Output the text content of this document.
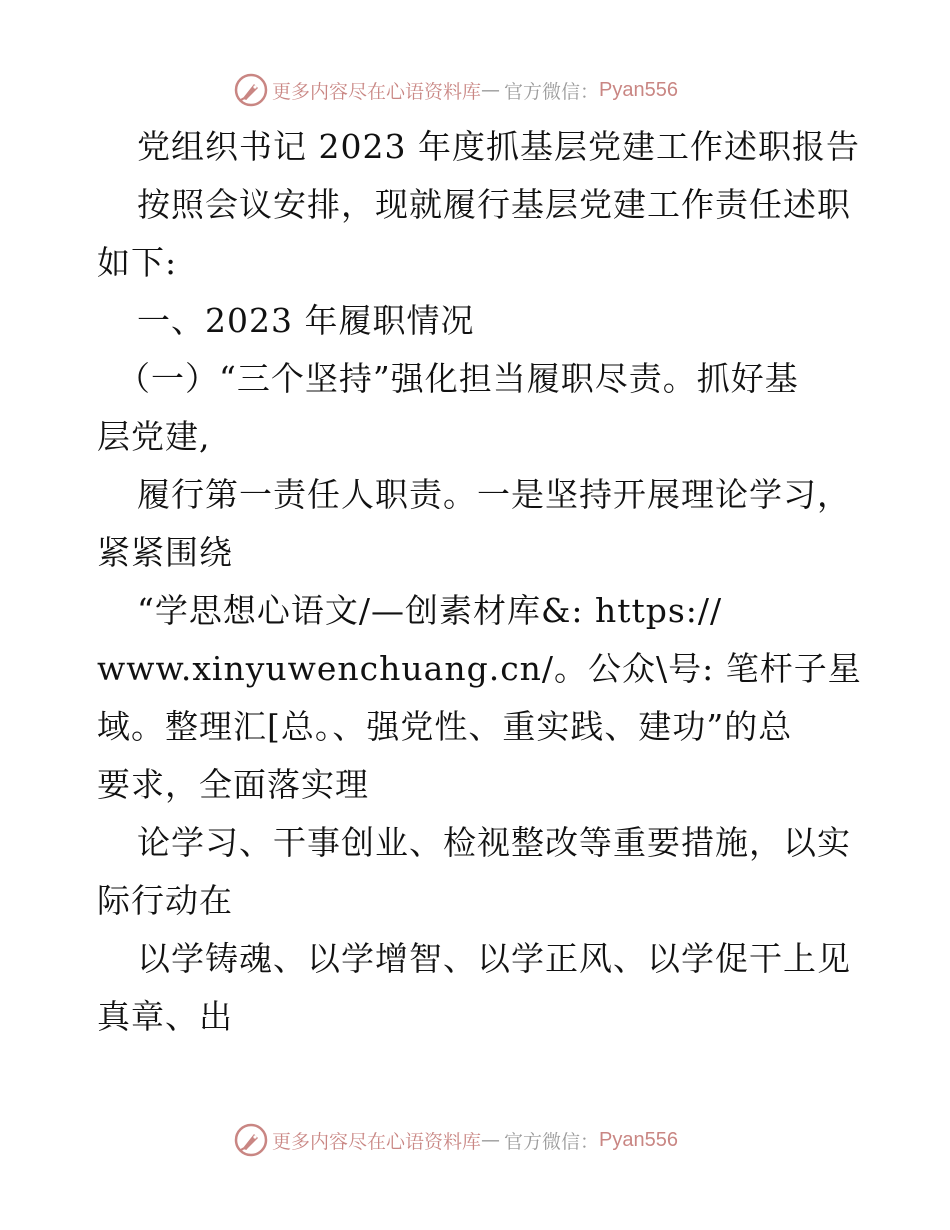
更多内容尽在心语资料库 — 官方微信： Pyan556
党组织书记 2023 年度抓基层党建工作述职报告
按照会议安排，现就履行基层党建工作责任述职
如下:
一、2023 年履职情况
（一）“三个坚持”强化担当履职尽责。抓好基
层党建,
履行第一责任人职责。一是坚持开展理论学习，
紧紧围绕
“学思想心语文/—创素材库&: https://
www.xinyuwenchuang.cn/。公众\号: 笔杆子星
域。整理汇[总。、强党性、重实践、建功”的总
要求，全面落实理
论学习、干事创业、检视整改等重要措施，以实
际行动在
以学铸魂、以学增智、以学正风、以学促干上见
真章、出
更多内容尽在心语资料库 — 官方微信： Pyan556
